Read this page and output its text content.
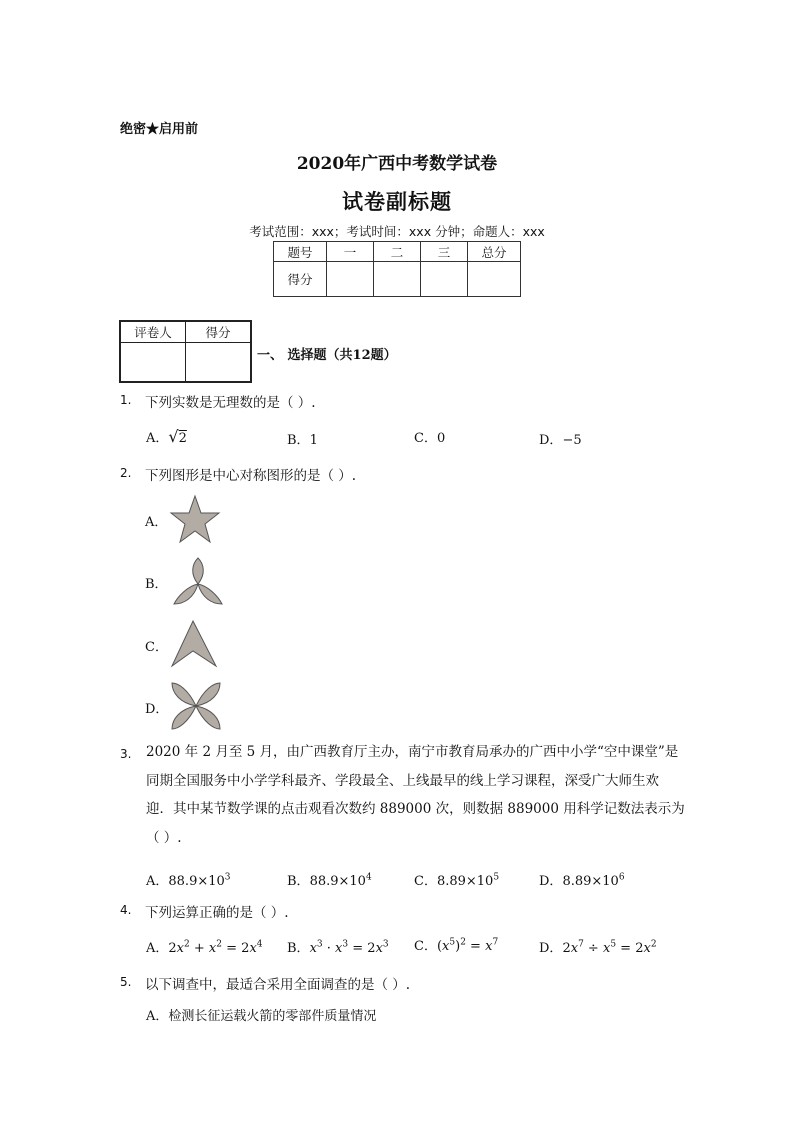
绝密★启用前
2020年广西中考数学试卷
试卷副标题
考试范围：xxx；考试时间：xxx 分钟；命题人：xxx
题号	一	二	三	总分
得分				
评卷人	得分

一、 选择题（共12题）
1. 下列实数是无理数的是（ ）.
A．√2	B．1	C．0	D．−5
2. 下列图形是中心对称图形的是（ ）.
A．
B．
C．
D．
3. 2020 年 2 月至 5 月，由广西教育厅主办，南宁市教育局承办的广西中小学“空中课堂”是
同期全国服务中小学学科最齐、学段最全、上线最早的线上学习课程，深受广大师生欢
迎．其中某节数学课的点击观看次数约 889000 次，则数据 889000 用科学记数法表示为
（ ）.
A．$88.9\times 10^3$	B．$88.9\times 10^4$	C．$8.89\times 10^5$	D．$8.89\times 10^6$
4. 下列运算正确的是（ ）.
A．$2x^2 + x^2 = 2x^4$ B．$x^3 \cdot x^3 = 2x^3$ C．$(x^5)^2 = x^7$	D．$2x^7 \div x^5 = 2x^2$
5. 以下调查中，最适合采用全面调查的是（ ）.
A．检测长征运载火箭的零部件质量情况
